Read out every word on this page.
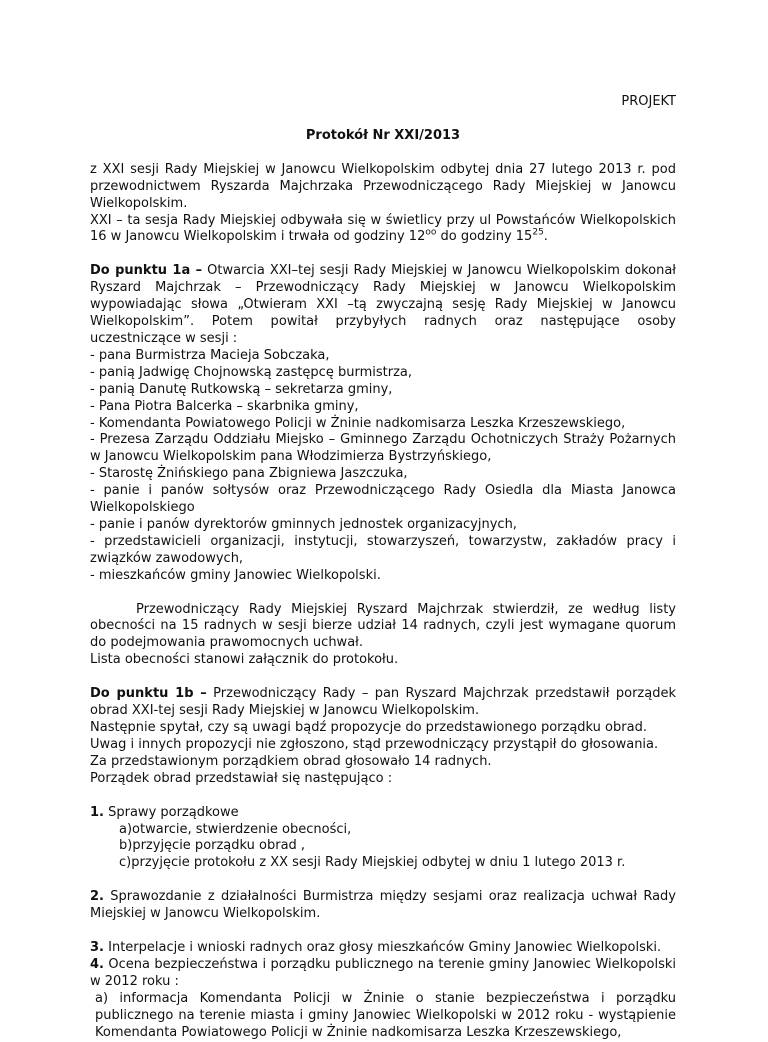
PROJEKT
Protokół Nr XXI/2013

z XXI sesji Rady Miejskiej w Janowcu Wielkopolskim odbytej dnia 27 lutego 2013 r. pod przewodnictwem Ryszarda Majchrzaka Przewodniczącego Rady Miejskiej w Janowcu Wielkopolskim.

XXI – ta sesja Rady Miejskiej odbywała się w świetlicy przy ul Powstańców Wielkopolskich 16 w Janowcu Wielkopolskim i trwała od godziny $12^{oo}$ do godziny $15^{25}$.

Do punktu 1a – Otwarcia XXI–tej sesji Rady Miejskiej w Janowcu Wielkopolskim dokonał Ryszard Majchrzak – Przewodniczący Rady Miejskiej w Janowcu Wielkopolskim wypowiadając słowa „Otwieram XXI –tą zwyczajną sesję Rady Miejskiej w Janowcu Wielkopolskim”. Potem powitał przybyłych radnych oraz następujące osoby uczestniczące w sesji :

- pana Burmistrza Macieja Sobczaka,

- panią Jadwigę Chojnowską zastępcę burmistrza,

- panią Danutę Rutkowską – sekretarza gminy,

- Pana Piotra Balcerka – skarbnika gminy,

- Komendanta Powiatowego Policji w Żninie nadkomisarza Leszka Krzeszewskiego,

- Prezesa Zarządu Oddziału Miejsko – Gminnego Zarządu Ochotniczych Straży Pożarnych w Janowcu Wielkopolskim pana Włodzimierza Bystrzyńskiego,

- Starostę Żnińskiego pana Zbigniewa Jaszczuka,

- panie i panów sołtysów oraz Przewodniczącego Rady Osiedla dla Miasta Janowca Wielkopolskiego

- panie i panów dyrektorów gminnych jednostek organizacyjnych,

- przedstawicieli organizacji, instytucji, stowarzyszeń, towarzystw, zakładów pracy i związków zawodowych,

- mieszkańców gminy Janowiec Wielkopolski.

Przewodniczący Rady Miejskiej Ryszard Majchrzak stwierdził, ze według listy obecności na 15 radnych w sesji bierze udział 14 radnych, czyli jest wymagane quorum do podejmowania prawomocnych uchwał.

Lista obecności stanowi załącznik do protokołu.

Do punktu 1b – Przewodniczący Rady – pan Ryszard Majchrzak przedstawił porządek obrad XXI-tej sesji Rady Miejskiej w Janowcu Wielkopolskim.

Następnie spytał, czy są uwagi bądź propozycje do przedstawionego porządku obrad.

Uwag i innych propozycji nie zgłoszono, stąd przewodniczący przystąpił do głosowania.

Za przedstawionym porządkiem obrad głosowało 14 radnych.

Porządek obrad przedstawiał się następująco :

1. Sprawy porządkowe

a)otwarcie, stwierdzenie obecności,

b)przyjęcie porządku obrad ,

c)przyjęcie protokołu z XX sesji Rady Miejskiej odbytej w dniu 1 lutego 2013 r.

2. Sprawozdanie z działalności Burmistrza między sesjami oraz realizacja uchwał Rady Miejskiej w Janowcu Wielkopolskim.

3. Interpelacje i wnioski radnych oraz głosy mieszkańców Gminy Janowiec Wielkopolski.

4. Ocena bezpieczeństwa i porządku publicznego na terenie gminy Janowiec Wielkopolski w 2012 roku :

a) informacja Komendanta Policji w Żninie o stanie bezpieczeństwa i porządku publicznego na terenie miasta i gminy Janowiec Wielkopolski w 2012 roku - wystąpienie Komendanta Powiatowego Policji w Żninie nadkomisarza Leszka Krzeszewskiego,
